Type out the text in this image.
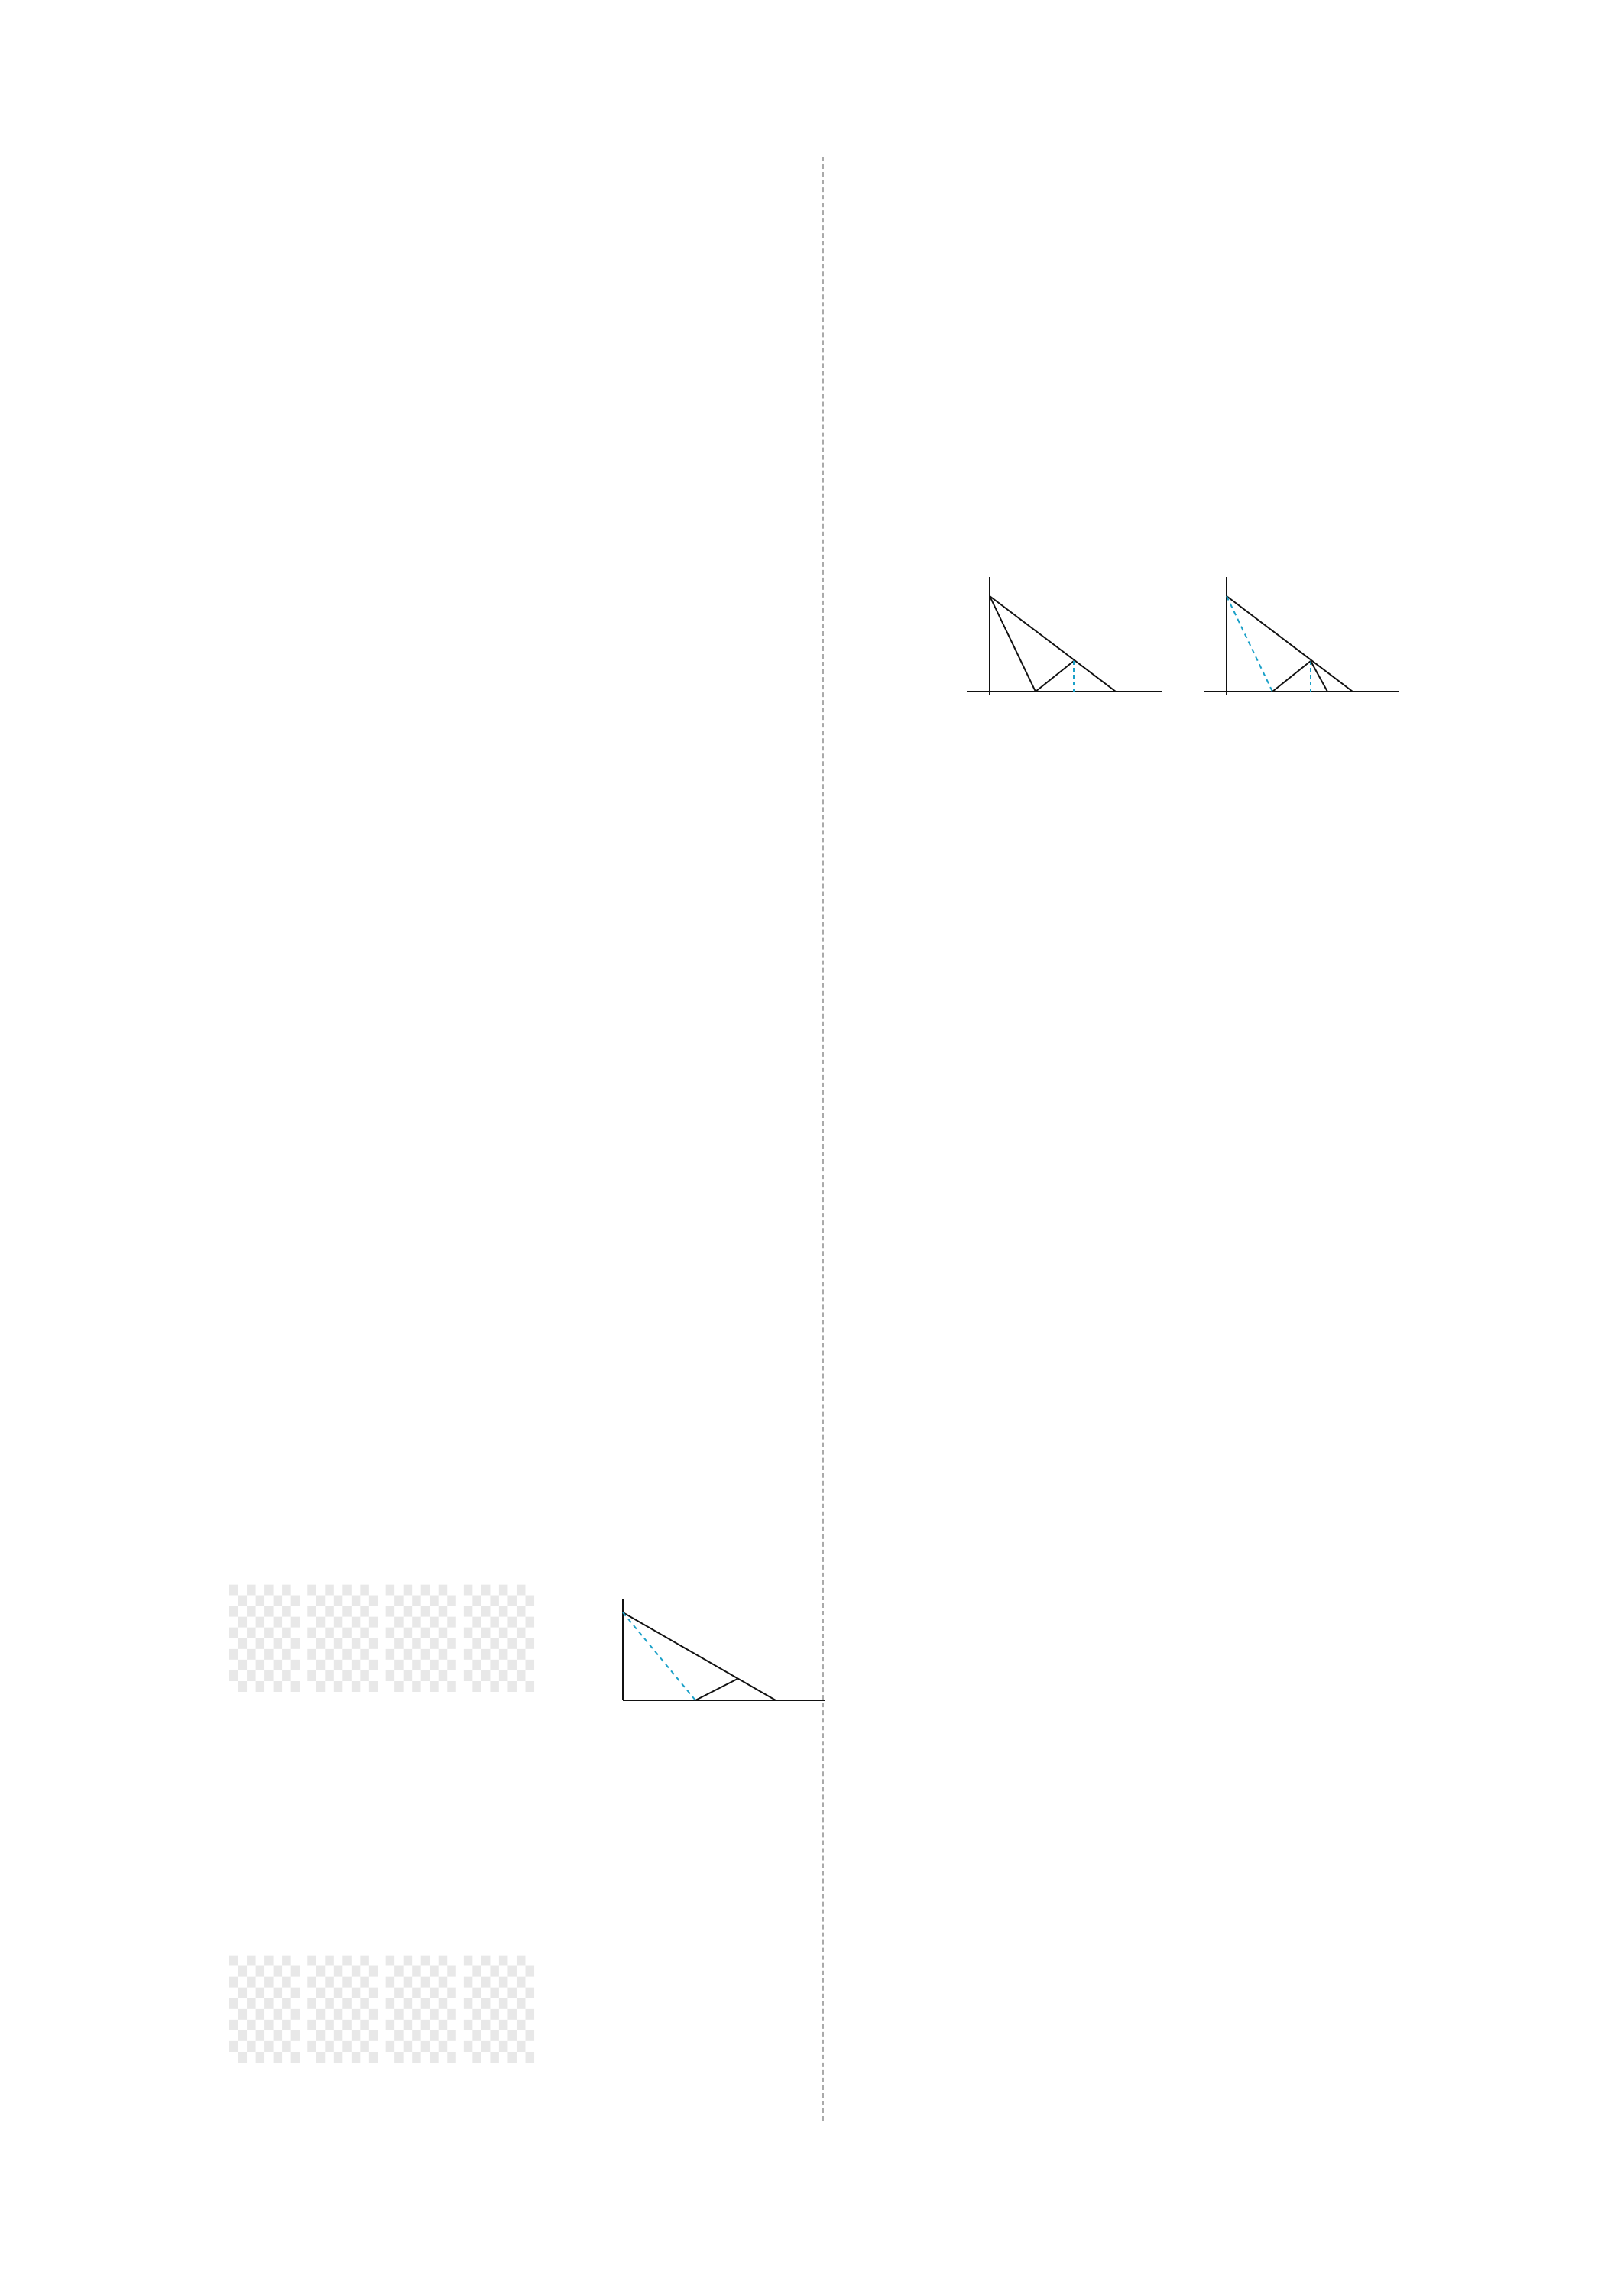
▒▒▒▒
▒▒▒▒
